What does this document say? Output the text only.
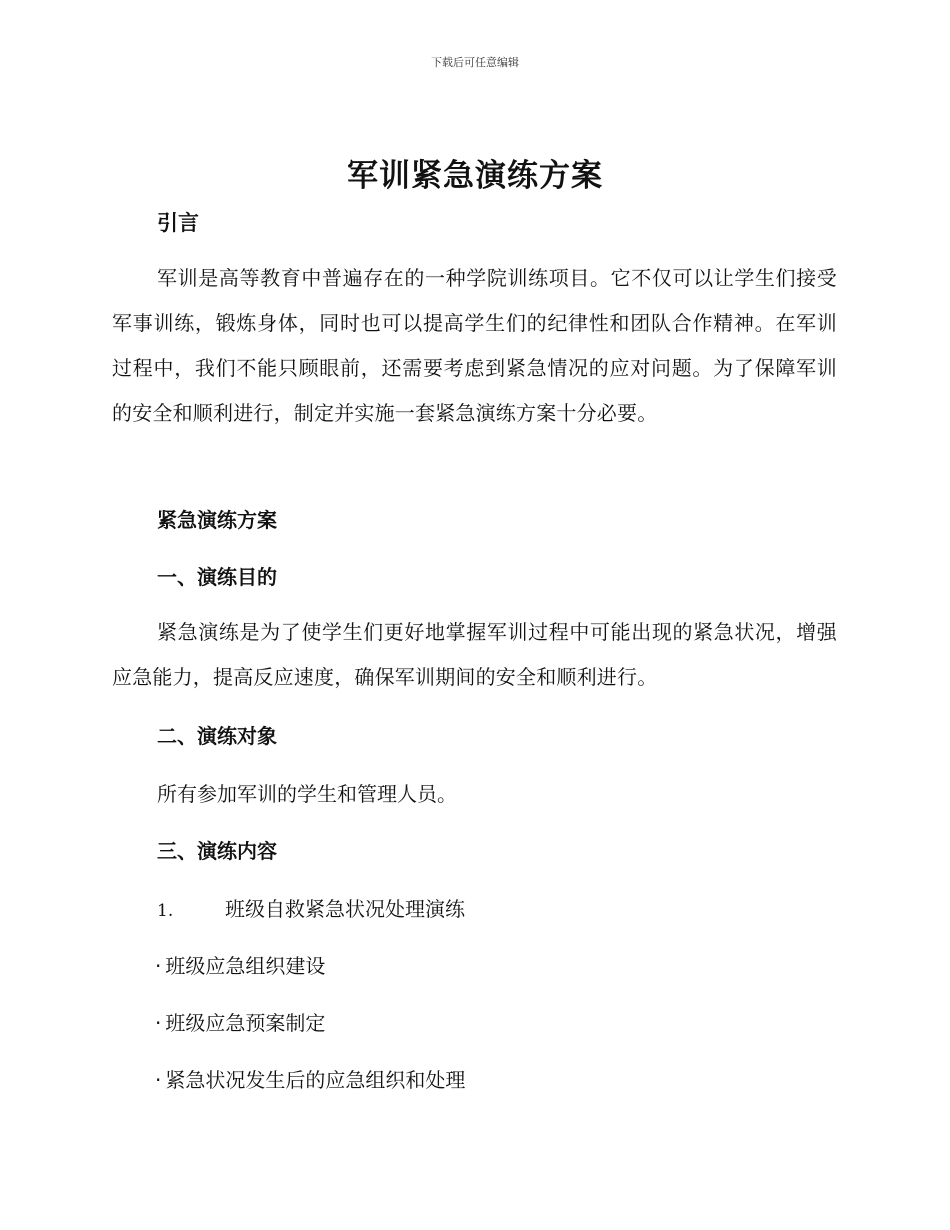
下载后可任意编辑
军训紧急演练方案
引言
军训是高等教育中普遍存在的一种学院训练项目。它不仅可以让学生们接受军事训练，锻炼身体，同时也可以提高学生们的纪律性和团队合作精神。在军训过程中，我们不能只顾眼前，还需要考虑到紧急情况的应对问题。为了保障军训的安全和顺利进行，制定并实施一套紧急演练方案十分必要。
紧急演练方案
一、演练目的
紧急演练是为了使学生们更好地掌握军训过程中可能出现的紧急状况，增强应急能力，提高反应速度，确保军训期间的安全和顺利进行。
二、演练对象
所有参加军训的学生和管理人员。
三、演练内容
1.	班级自救紧急状况处理演练
· 班级应急组织建设
· 班级应急预案制定
· 紧急状况发生后的应急组织和处理
